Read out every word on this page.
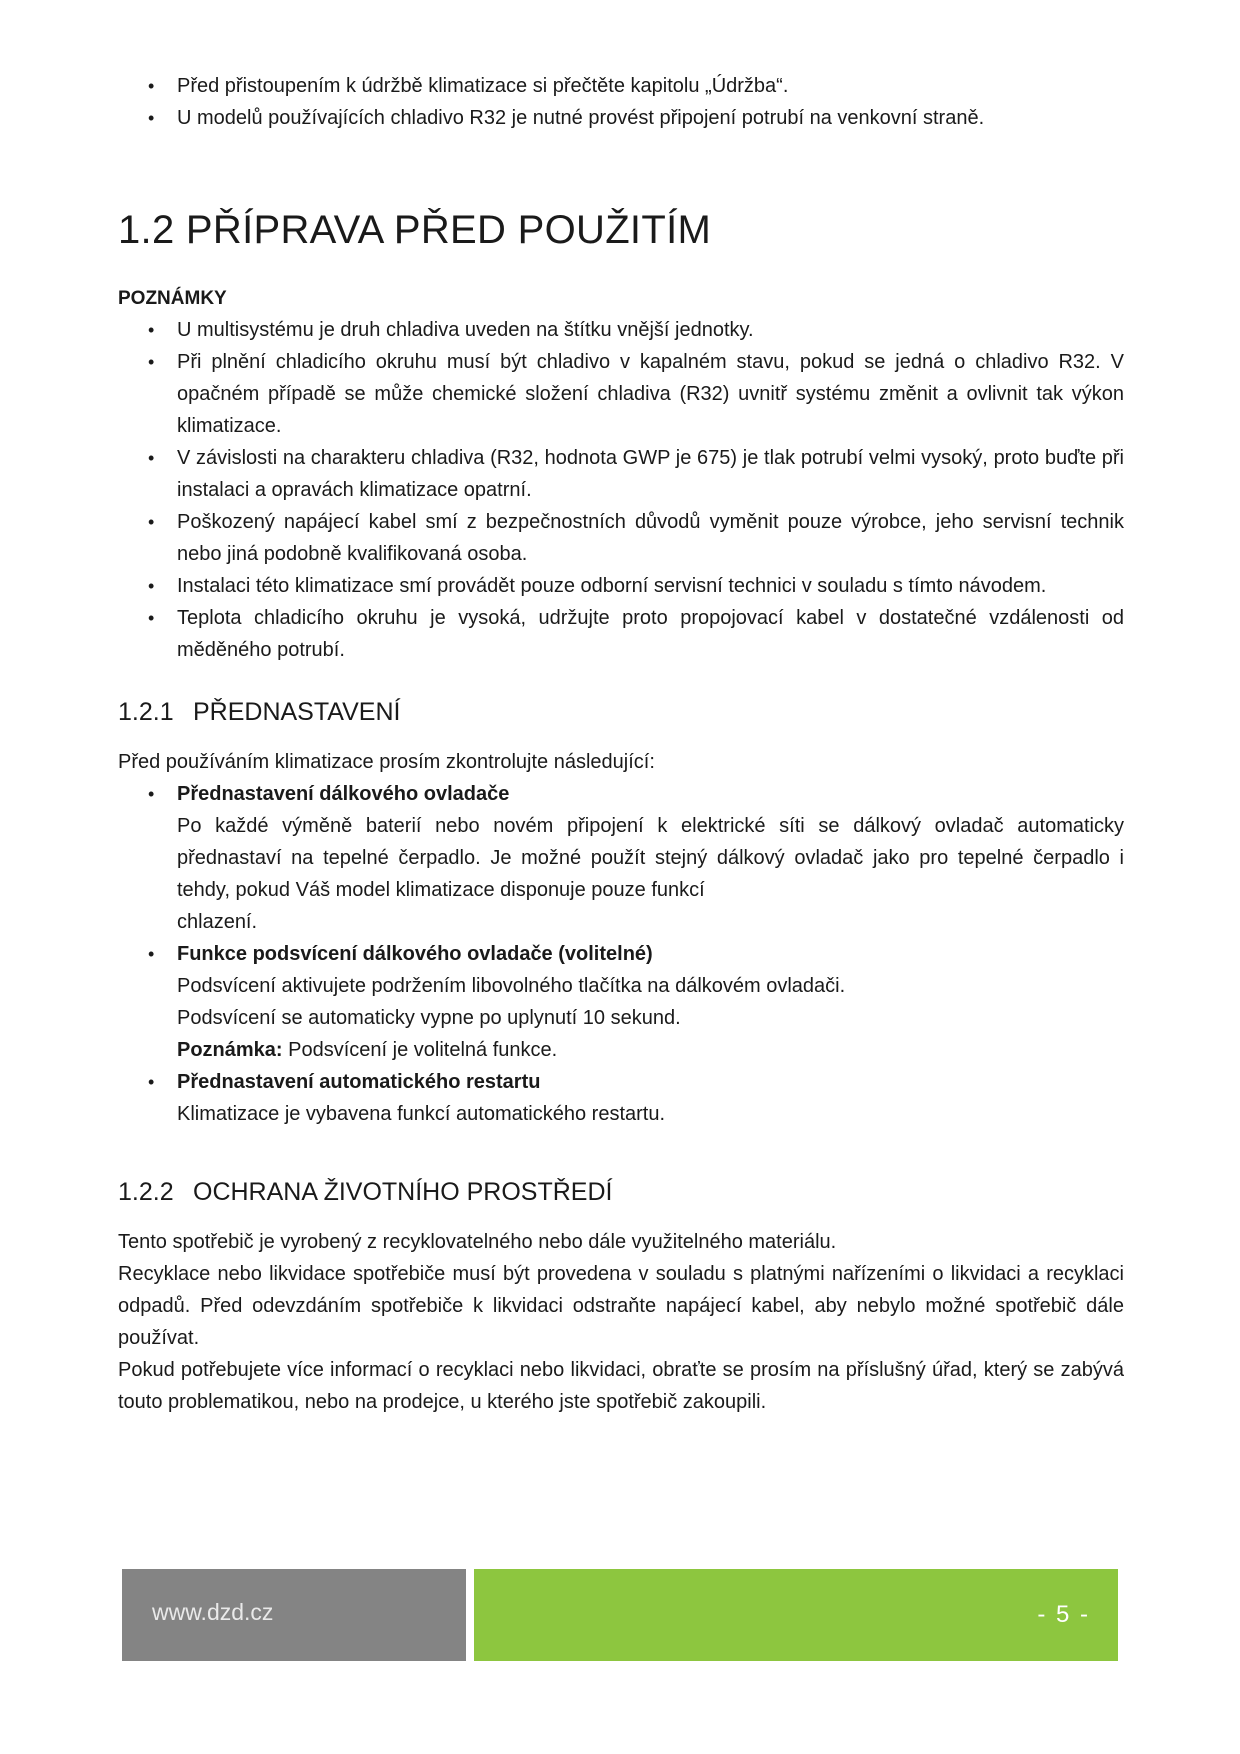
• Před přistoupením k údržbě klimatizace si přečtěte kapitolu „Údržba“.
• U modelů používajících chladivo R32 je nutné provést připojení potrubí na venkovní straně.
1.2 PŘÍPRAVA PŘED POUŽITÍM
POZNÁMKY
• U multisystému je druh chladiva uveden na štítku vnější jednotky.
• Při plnění chladicího okruhu musí být chladivo v kapalném stavu, pokud se jedná o chladivo R32. V opačném případě se může chemické složení chladiva (R32) uvnitř systému změnit a ovlivnit tak výkon klimatizace.
• V závislosti na charakteru chladiva (R32, hodnota GWP je 675) je tlak potrubí velmi vysoký, proto buďte při instalaci a opravách klimatizace opatrní.
• Poškozený napájecí kabel smí z bezpečnostních důvodů vyměnit pouze výrobce, jeho servisní technik nebo jiná podobně kvalifikovaná osoba.
• Instalaci této klimatizace smí provádět pouze odborní servisní technici v souladu s tímto návodem.
• Teplota chladicího okruhu je vysoká, udržujte proto propojovací kabel v dostatečné vzdálenosti od měděného potrubí.
1.2.1 PŘEDNASTAVENÍ

Před používáním klimatizace prosím zkontrolujte následující:

• Přednastavení dálkového ovladače
Po každé výměně baterií nebo novém připojení k elektrické síti se dálkový ovladač automaticky přednastaví na tepelné čerpadlo. Je možné použít stejný dálkový ovladač jako pro tepelné čerpadlo i tehdy, pokud Váš model klimatizace disponuje pouze funkcí
chlazení.
• Funkce podsvícení dálkového ovladače (volitelné)
Podsvícení aktivujete podržením libovolného tlačítka na dálkovém ovladači.
Podsvícení se automaticky vypne po uplynutí 10 sekund.
Poznámka: Podsvícení je volitelná funkce.
• Přednastavení automatického restartu
Klimatizace je vybavena funkcí automatického restartu.
1.2.2 OCHRANA ŽIVOTNÍHO PROSTŘEDÍ

Tento spotřebič je vyrobený z recyklovatelného nebo dále využitelného materiálu.

Recyklace nebo likvidace spotřebiče musí být provedena v souladu s platnými nařízeními o likvidaci a recyklaci odpadů. Před odevzdáním spotřebiče k likvidaci odstraňte napájecí kabel, aby nebylo možné spotřebič dále používat.

Pokud potřebujete více informací o recyklaci nebo likvidaci, obraťte se prosím na příslušný úřad, který se zabývá touto problematikou, nebo na prodejce, u kterého jste spotřebič zakoupili.

www.dzd.cz	- 5 -
